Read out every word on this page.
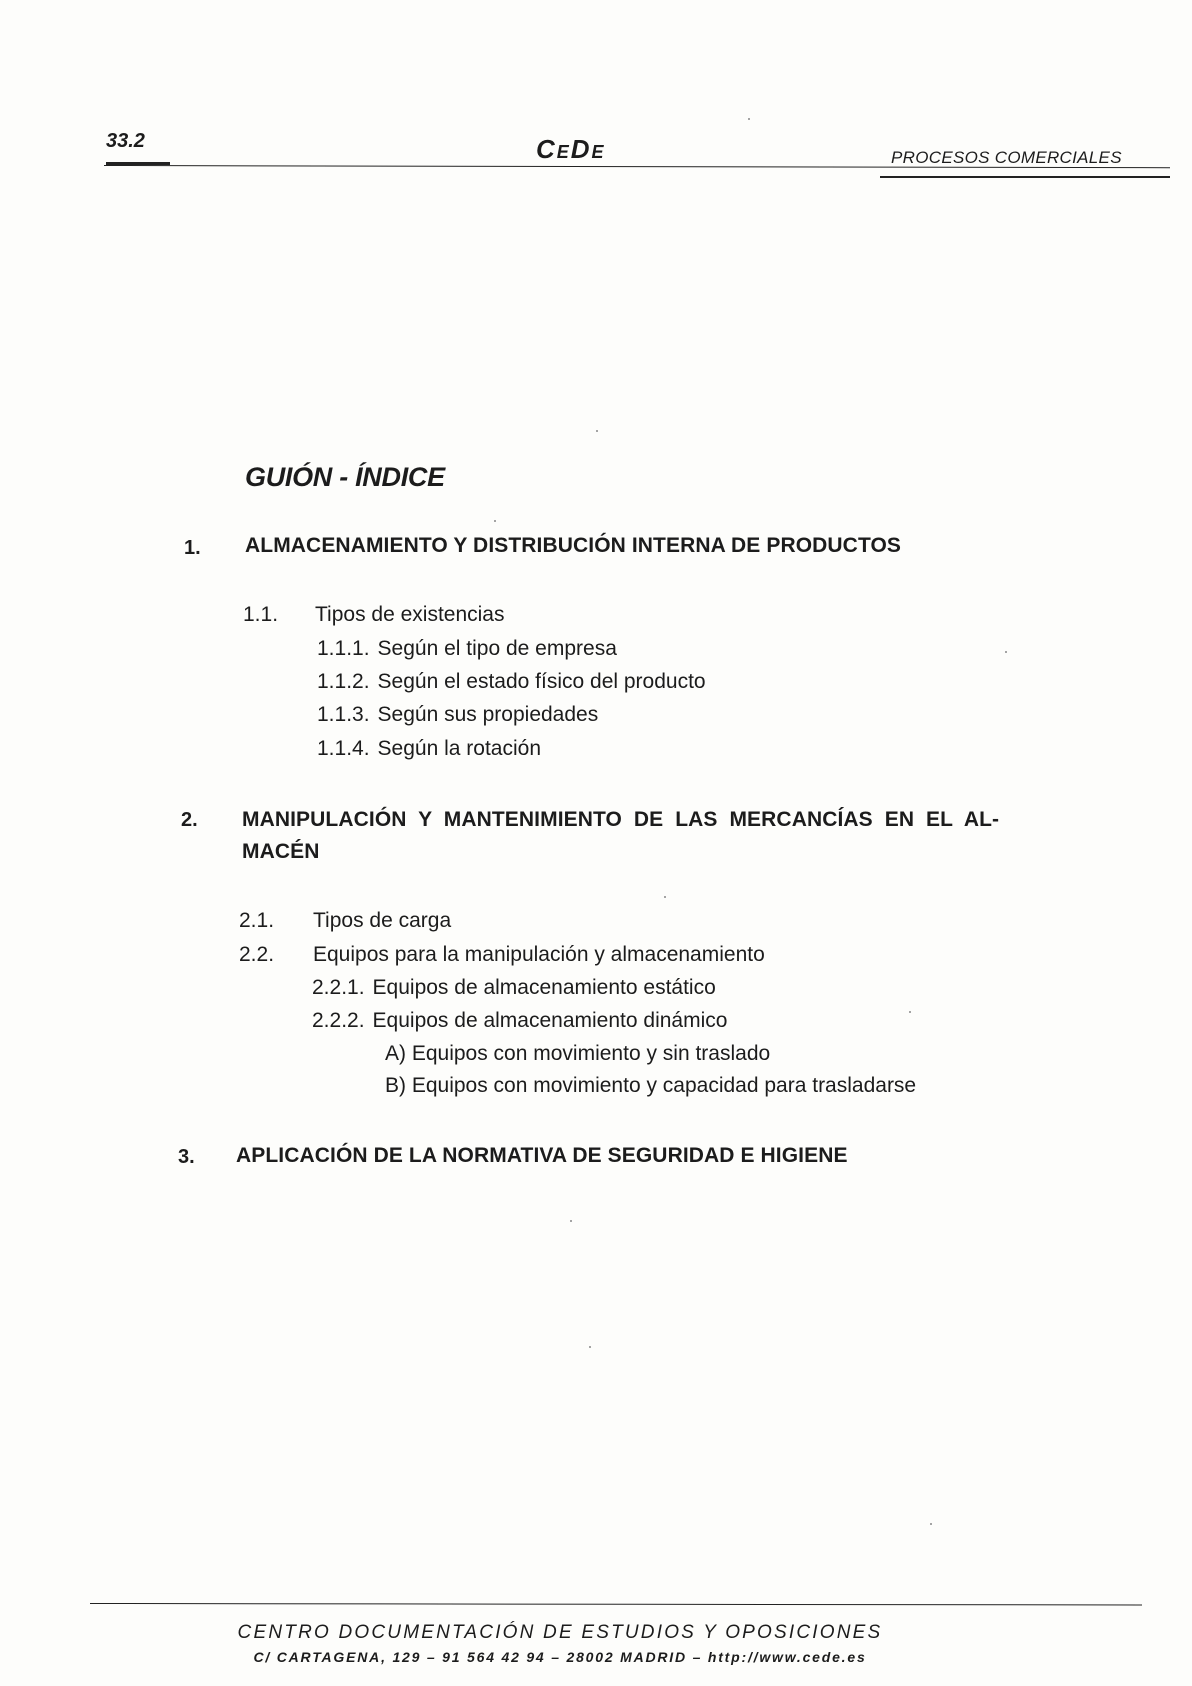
33.2	CeDe	PROCESOS COMERCIALES
GUIÓN - ÍNDICE
1. ALMACENAMIENTO Y DISTRIBUCIÓN INTERNA DE PRODUCTOS
1.1. Tipos de existencias
1.1.1. Según el tipo de empresa
1.1.2. Según el estado físico del producto
1.1.3. Según sus propiedades
1.1.4. Según la rotación
2. MANIPULACIÓN Y MANTENIMIENTO DE LAS MERCANCÍAS EN EL AL-
MACÉN
2.1. Tipos de carga
2.2. Equipos para la manipulación y almacenamiento
2.2.1. Equipos de almacenamiento estático
2.2.2. Equipos de almacenamiento dinámico
A) Equipos con movimiento y sin traslado
B) Equipos con movimiento y capacidad para trasladarse
3. APLICACIÓN DE LA NORMATIVA DE SEGURIDAD E HIGIENE
CENTRO DOCUMENTACIÓN DE ESTUDIOS Y OPOSICIONES
C/ CARTAGENA, 129 – 91 564 42 94 – 28002 MADRID – http://www.cede.es
